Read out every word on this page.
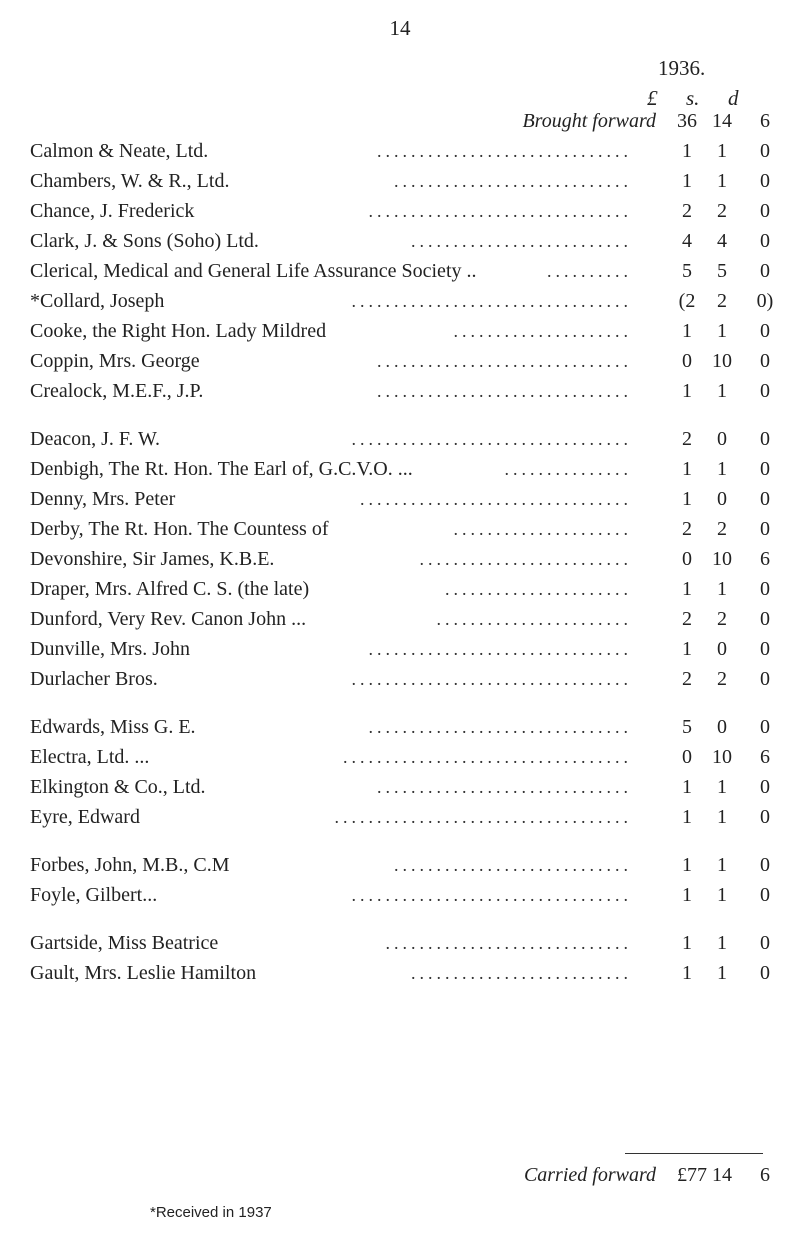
14
1936.
£ s. d
Brought forward 36 14	6
Calmon & Neate, Ltd.	1	1	0
..............................
Chambers, W. & R., Ltd.	1	1	0
............................
Chance, J. Frederick	2	2	0
...............................
Clark, J. & Sons (Soho) Ltd.	4	4	0
..........................
Clerical, Medical and General Life Assurance Society ..	5	5	0
..........
*Collard, Joseph	(2	2	0)
.................................
Cooke, the Right Hon. Lady Mildred	1	1	0
.....................
Coppin, Mrs. George	0	10	0
..............................
Crealock, M.E.F., J.P.	1	1	0
..............................
Deacon, J. F. W.	2	0	0
.................................
Denbigh, The Rt. Hon. The Earl of, G.C.V.O. ...	1	1	0
...............
Denny, Mrs. Peter	1	0	0
................................
Derby, The Rt. Hon. The Countess of	2	2	0
.....................
Devonshire, Sir James, K.B.E.	0	10	6
.........................
Draper, Mrs. Alfred C. S. (the late)	1	1	0
......................
Dunford, Very Rev. Canon John ...	2	2	0
.......................
Dunville, Mrs. John	1	0	0
...............................
Durlacher Bros.	2	2	0
.................................
Edwards, Miss G. E.	5	0	0
...............................
Electra, Ltd. ...	0	10	6
..................................
Elkington & Co., Ltd.	1	1	0
..............................
Eyre, Edward	1	1	0
...................................
Forbes, John, M.B., C.M	1	1	0
............................
Foyle, Gilbert...	1	1	0
.................................
Gartside, Miss Beatrice	1	1	0
.............................
Gault, Mrs. Leslie Hamilton	1	1	0
..........................
Carried forward	£77 14	6
*Received in 1937
